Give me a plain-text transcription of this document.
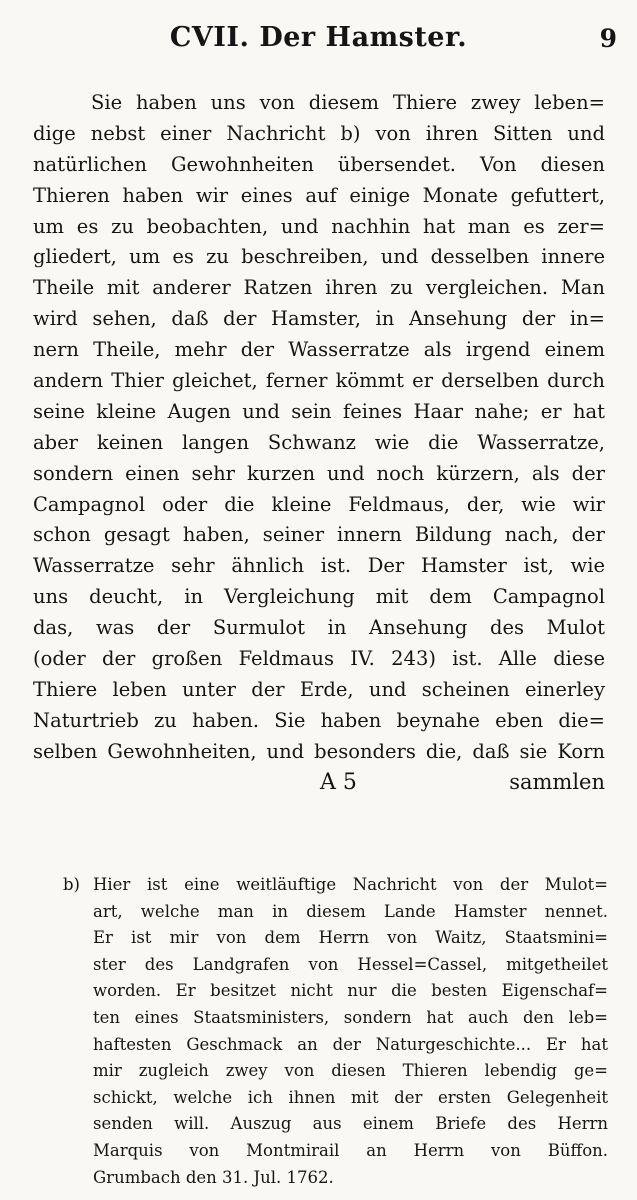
CVII. Der Hamster.	9
Sie haben uns von diesem Thiere zwey leben=
dige nebst einer Nachricht b) von ihren Sitten und
natürlichen Gewohnheiten übersendet. Von diesen
Thieren haben wir eines auf einige Monate gefuttert,
um es zu beobachten, und nachhin hat man es zer=
gliedert, um es zu beschreiben, und desselben innere
Theile mit anderer Ratzen ihren zu vergleichen. Man
wird sehen, daß der Hamster, in Ansehung der in=
nern Theile, mehr der Wasserratze als irgend einem
andern Thier gleichet, ferner kömmt er derselben durch
seine kleine Augen und sein feines Haar nahe; er hat
aber keinen langen Schwanz wie die Wasserratze,
sondern einen sehr kurzen und noch kürzern, als der
Campagnol oder die kleine Feldmaus, der, wie wir
schon gesagt haben, seiner innern Bildung nach, der
Wasserratze sehr ähnlich ist. Der Hamster ist, wie
uns deucht, in Vergleichung mit dem Campagnol
das, was der Surmulot in Ansehung des Mulot
(oder der großen Feldmaus IV. 243) ist. Alle diese
Thiere leben unter der Erde, und scheinen einerley
Naturtrieb zu haben. Sie haben beynahe eben die=
selben Gewohnheiten, und besonders die, daß sie Korn
A 5	sammlen
b) Hier ist eine weitläuftige Nachricht von der Mulot=
art, welche man in diesem Lande Hamster nennet.
Er ist mir von dem Herrn von Waitz, Staatsmini=
ster des Landgrafen von Hessel=Cassel, mitgetheilet
worden. Er besitzet nicht nur die besten Eigenschaf=
ten eines Staatsministers, sondern hat auch den leb=
haftesten Geschmack an der Naturgeschichte... Er hat
mir zugleich zwey von diesen Thieren lebendig ge=
schickt, welche ich ihnen mit der ersten Gelegenheit
senden will. Auszug aus einem Briefe des Herrn
Marquis von Montmirail an Herrn von Büffon.
Grumbach den 31. Jul. 1762.
